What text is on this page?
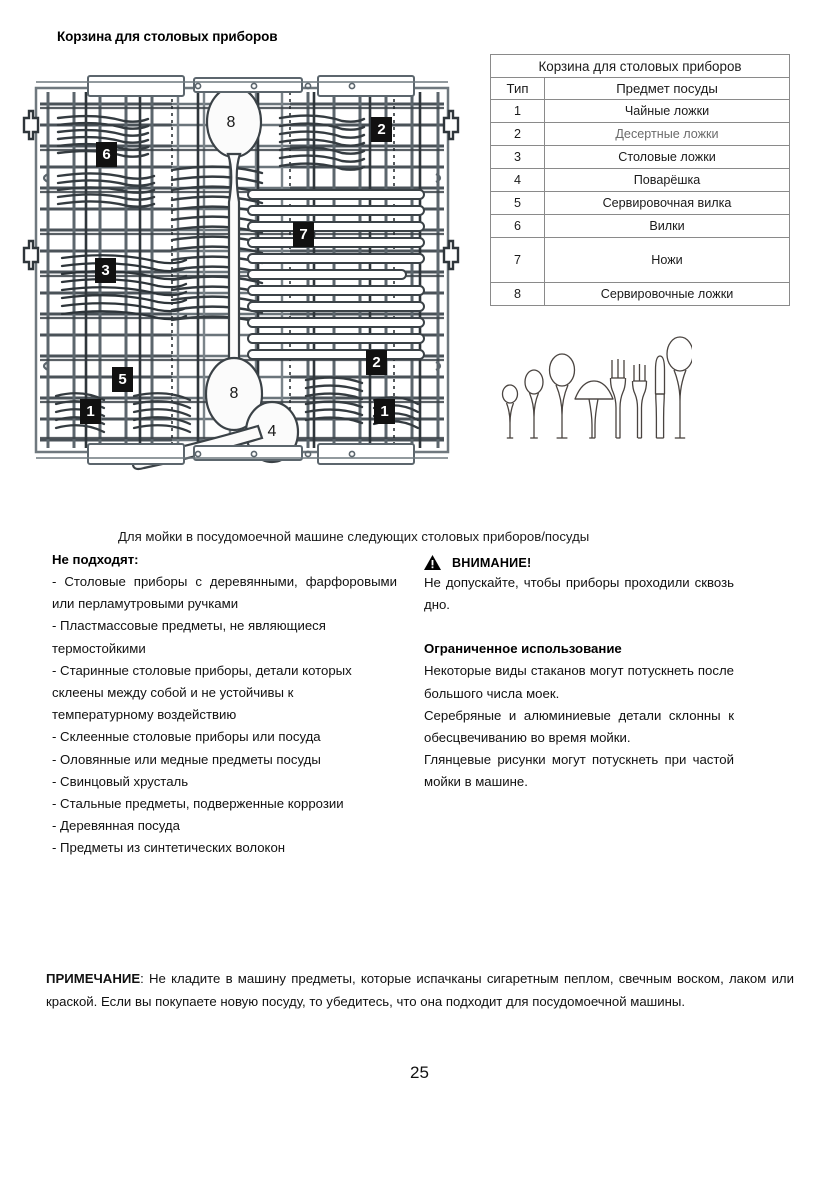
Корзина для столовых приборов
8	2
6
7
3
2
5
8
1	1
4
Корзина для столовых приборов	
Тип	Предмет посуды
1	Чайные ложки
2	Десертные ложки
3	Столовые ложки
4	Поварёшка
5	Сервировочная вилка
6	Вилки
7	Ножи
8	Сервировочные ложки
Для мойки в посудомоечной машине следующих столовых приборов/посуды
Не подходят:

- Столовые приборы с деревянными, фарфоровыми или перламутровыми ручками

- Пластмассовые предметы, не являющиеся термостойкими

- Старинные столовые приборы, детали которых склеены между собой и не устойчивы к температурному воздействию

- Склеенные столовые приборы или посуда

- Оловянные или медные предметы посуды

- Свинцовый хрусталь

- Стальные предметы, подверженные коррозии

- Деревянная посуда

- Предметы из синтетических волокон

ВНИМАНИЕ!

Не допускайте, чтобы приборы проходили сквозь дно.

Ограниченное использование

Некоторые виды стаканов могут потускнеть после большого числа моек.

Серебряные и алюминиевые детали склонны к обесцвечиванию во время мойки.

Глянцевые рисунки могут потускнеть при частой мойки в машине.

ПРИМЕЧАНИЕ: Не кладите в машину предметы, которые испачканы сигаретным пеплом, свечным воском, лаком или краской. Если вы покупаете новую посуду, то убедитесь, что она подходит для посудомоечной машины.
25
